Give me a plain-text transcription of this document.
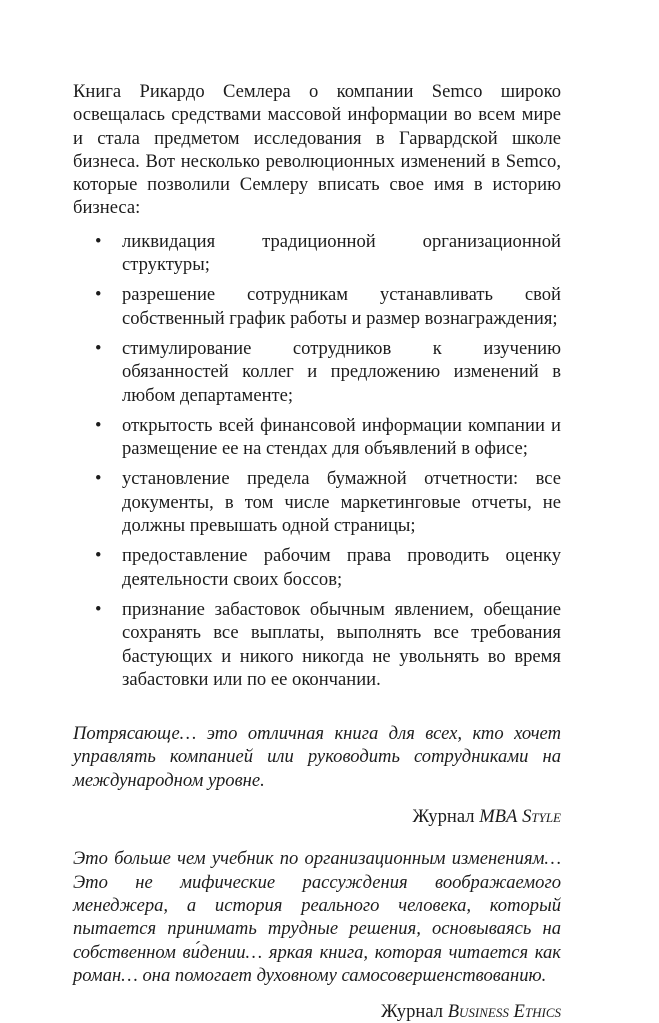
Книга Рикардо Семлера о компании Semco широко освещалась средствами массовой информации во всем мире и стала предметом исследования в Гарвардской школе бизнеса. Вот несколько революционных изменений в Semco, которые позволили Семлеру вписать свое имя в историю бизнеса:

• ликвидация традиционной организационной структуры;
• разрешение сотрудникам устанавливать свой собственный график работы и размер вознаграждения;
• стимулирование сотрудников к изучению обязанностей коллег и предложению изменений в любом департаменте;
• открытость всей финансовой информации компании и размещение ее на стендах для объявлений в офисе;
• установление предела бумажной отчетности: все документы, в том числе маркетинговые отчеты, не должны превышать одной страницы;
• предоставление рабочим права проводить оценку деятельности своих боссов;
• признание забастовок обычным явлением, обещание сохранять все выплаты, выполнять все требования бастующих и никого никогда не увольнять во время забастовки или по ее окончании.

Потрясающе… это отличная книга для всех, кто хочет управлять компанией или руководить сотрудниками на международном уровне.

Журнал MBA Style

Это больше чем учебник по организационным изменениям… Это не мифические рассуждения воображаемого менеджера, а история реального человека, который пытается принимать трудные решения, основываясь на собственном ви́дении… яркая книга, которая читается как роман… она помогает духовному самосовершенствованию.

Журнал Business Ethics
